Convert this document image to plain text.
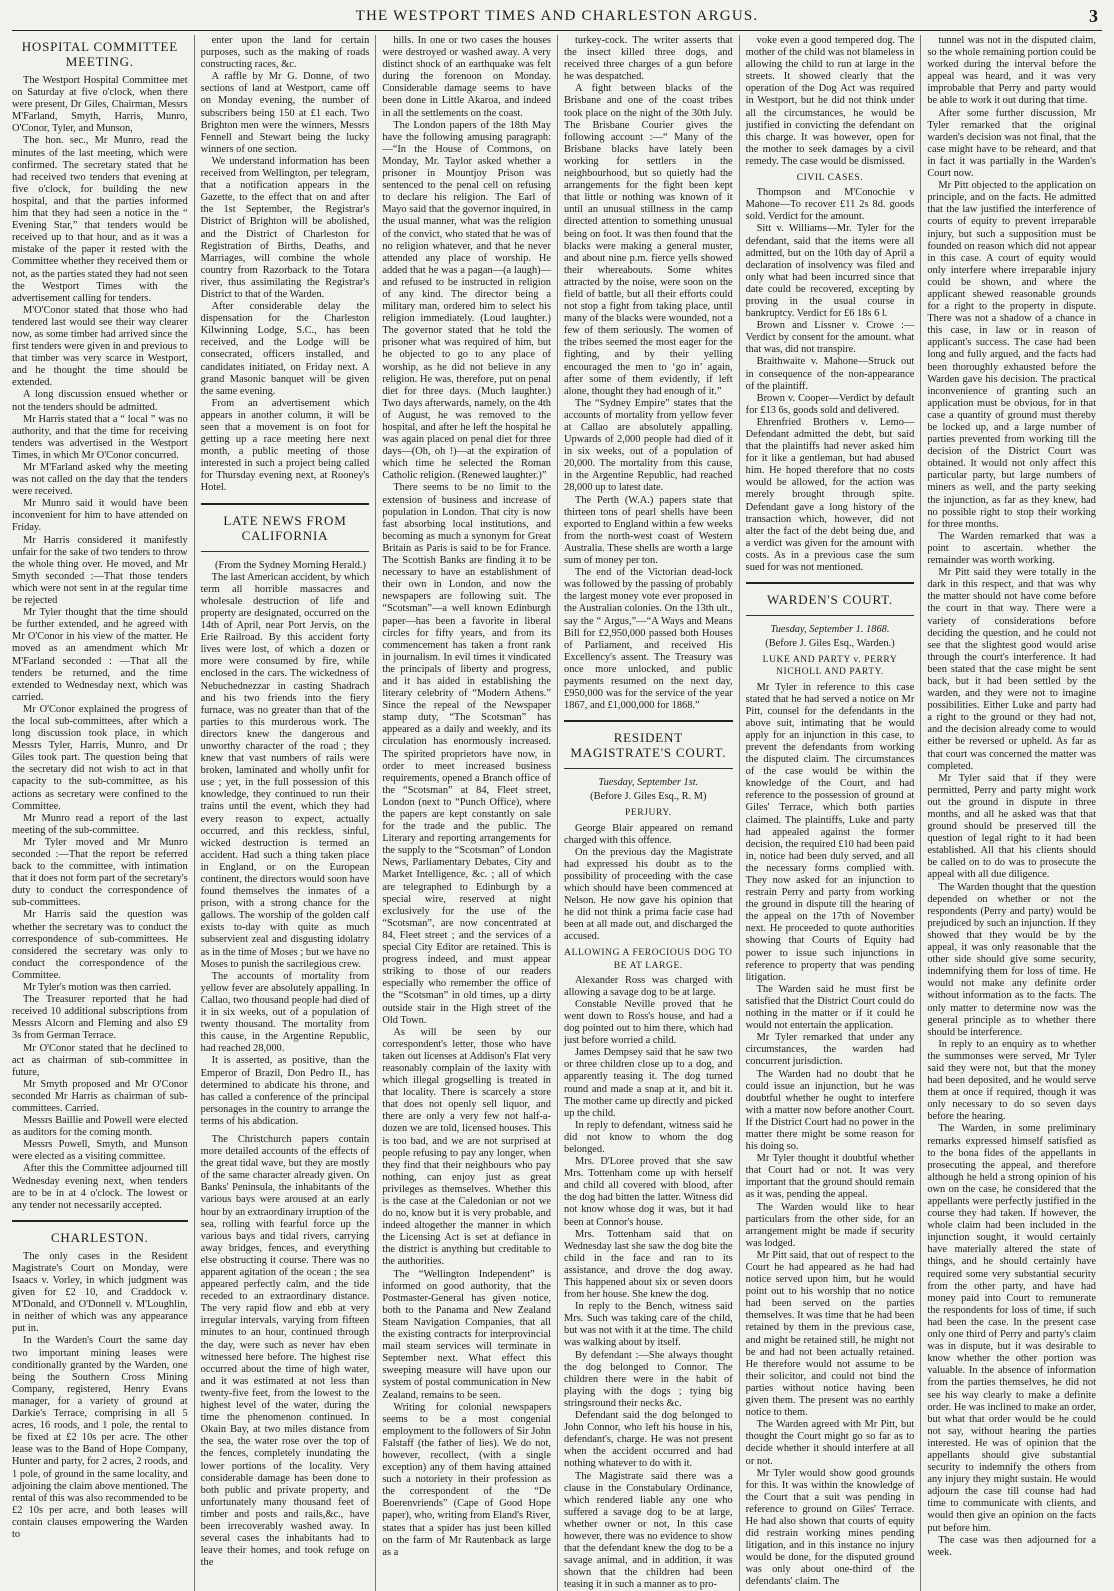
THE WESTPORT TIMES AND CHARLESTON ARGUS.	3
HOSPITAL COMMITTEE MEETING.

The Westport Hospital Committee met on Saturday at five o'clock, when there were present, Dr Giles, Chairman, Messrs M'Farland, Smyth, Harris, Munro, O'Conor, Tyler, and Munson,

The hon. sec., Mr Munro, read the minutes of the last meeting, which were confirmed. The secretary stated that he had received two tenders that evening at five o'clock, for building the new hospital, and that the parties informed him that they had seen a notice in the “ Evening Star,” that tenders would be received up to that hour, and as it was a mistake of the paper it rested with the Committee whether they received them or not, as the parties stated they had not seen the Westport Times with the advertisement calling for tenders.

M'O'Conor stated that those who had tendered last would see their way clearer now, as some timber had arrived since the first tenders were given in and previous to that timber was very scarce in Westport, and he thought the time should be extended.

A long discussion ensued whether or not the tenders should be admitted.

Mr Harris stated that a “ local ” was no authority, and that the time for receiving tenders was advertised in the Westport Times, in which Mr O'Conor concurred.

Mr M'Farland asked why the meeting was not called on the day that the tenders were received.

Mr Munro said it would have been inconvenient for him to have attended on Friday.

Mr Harris considered it manifestly unfair for the sake of two tenders to throw the whole thing over. He moved, and Mr Smyth seconded :—That those tenders which were not sent in at the regular time be rejected

Mr Tyler thought that the time should be further extended, and he agreed with Mr O'Conor in his view of the matter. He moved as an amendment which Mr M'Farland seconded : —That all the tenders be returned, and the time extended to Wednesday next, which was carried.

Mr O'Conor explained the progress of the local sub-committees, after which a long discussion took place, in which Messrs Tyler, Harris, Munro, and Dr Giles took part. The question being that the secretary did not wish to act in that capacity to the sub-committee, as his actions as secretary were confined to the Committee.

Mr Munro read a report of the last meeting of the sub-committee.

Mr Tyler moved and Mr Munro seconded :—That the report be referred back to the committee, with intimation that it does not form part of the secretary's duty to conduct the correspondence of sub-committees.

Mr Harris said the question was whether the secretary was to conduct the correspondence of sub-committees. He considered the secretary was only to conduct the correspondence of the Committee.

Mr Tyler's motion was then carried.

The Treasurer reported that he had received 10 additional subscriptions from Messrs Alcorn and Fleming and also £9 3s from German Terrace.

Mr O'Conor stated that he declined to act as chairman of sub-committee in future,

Mr Smyth proposed and Mr O'Conor seconded Mr Harris as chairman of sub-committees. Carried.

Messrs Baillie and Powell were elected as auditors for the coming month.

Messrs Powell, Smyth, and Munson were elected as a visiting committee.

After this the Committee adjourned till Wednesday evening next, when tenders are to be in at 4 o'clock. The lowest or any tender not necessarily accepted.

CHARLESTON.

The only cases in the Resident Magistrate's Court on Monday, were Isaacs v. Vorley, in which judgment was given for £2 10, and Craddock v. M'Donald, and O'Donnell v. M'Loughlin, in neither of which was any appearance put in.

In the Warden's Court the same day two important mining leases were conditionally granted by the Warden, one being the Southern Cross Mining Company, registered, Henry Evans manager, for a variety of ground at Darkie's Terrace, comprising in all 5 acres, 16 roods, and 1 pole, the rental to be fixed at £2 10s per acre. The other lease was to the Band of Hope Company, Hunter and party, for 2 acres, 2 roods, and 1 pole, of ground in the same locality, and adjoining the claim above mentioned. The rental of this was also recommended to be £2 10s per acre, and both leases will contain clauses empowering the Warden to

enter upon the land for certain purposes, such as the making of roads constructing races, &c.

A raffle by Mr G. Donne, of two sections of land at Westport, came off on Monday evening, the number of subscribers being 150 at £1 each. Two Brighton men were the winners, Messrs Fennell and Stewart being the lucky winners of one section.

We understand information has been received from Wellington, per telegram, that a notification appears in the Gazette, to the effect that on and after the 1st September, the Registrar's District of Brighton will be abolished, and the District of Charleston for Registration of Births, Deaths, and Marriages, will combine the whole country from Razorback to the Totara river, thus assimilating the Registrar's District to that of the Warden.

After considerable delay the dispensation for the Charleston Kilwinning Lodge, S.C., has been received, and the Lodge will be consecrated, officers installed, and candidates initiated, on Friday next. A grand Masonic banquet will be given the same evening.

From an advertisement which appears in another column, it will be seen that a movement is on foot for getting up a race meeting here next month, a public meeting of those interested in such a project being called for Thursday evening next, at Rooney's Hotel.

LATE NEWS FROM CALIFORNIA

(From the Sydney Morning Herald.)

The last American accident, by which term all horrible massacres and wholesale destruction of life and property are designated, occurred on the 14th of April, near Port Jervis, on the Erie Railroad. By this accident forty lives were lost, of which a dozen or more were consumed by fire, while enclosed in the cars. The wickedness of Nebuchednezzar in casting Shadrach and his two friends into the fiery furnace, was no greater than that of the parties to this murderous work. The directors knew the dangerous and unworthy character of the road ; they knew that vast numbers of rails were broken, laminated and wholly unfit for use ; yet, in the full possession of this knowledge, they continued to run their trains until the event, which they had every reason to expect, actually occurred, and this reckless, sinful, wicked destruction is termed an accident. Had such a thing taken place in England, or on the European continent, the directors would soon have found themselves the inmates of a prison, with a strong chance for the gallows. The worship of the golden calf exists to-day with quite as much subservient zeal and disgusting idolatry as in the time of Moses ; but we have no Moses to punish the sacrilegious crew.

The accounts of mortality from yellow fever are absolutely appalling. In Callao, two thousand people had died of it in six weeks, out of a population of twenty thousand. The mortality from this cause, in the Argentine Republic, had reached 28,000.

It is asserted, as positive, than the Emperor of Brazil, Don Pedro II., has determined to abdicate his throne, and has called a conference of the principal personages in the country to arrange the terms of his abdication.

The Christchurch papers contain more detailed accounts of the effects of the great tidal wave, but they are mostly of the same character already given. On Banks' Peninsula, the inhabitants of the various bays were aroused at an early hour by an extraordinary irruption of the sea, rolling with fearful force up the various bays and tidal rivers, carrying away bridges, fences, and everything else obstructing it course. There was no apparent agitation of the ocean ; the sea appeared perfectly calm, and the tide receded to an extraordinary distance. The very rapid flow and ebb at very irregular intervals, varying from fifteen minutes to an hour, continued through the day, were such as never hav eben witnessed here before. The highest rise occurred about the time of high water, and it was estimated at not less than twenty-five feet, from the lowest to the highest level of the water, during the time the phenomenon continued. In Okain Bay, at two miles distance from the sea, the water rose over the top of the fences, completely inundating the lower portions of the locality. Very considerable damage has been done to both public and private property, and unfortunately many thousand feet of timber and posts and rails,&c., have been irrecoverably washed away. In several cases the inhabitants had to leave their homes, and took refuge on the

hills. In one or two cases the houses were destroyed or washed away. A very distinct shock of an earthquake was felt during the forenoon on Monday. Considerable damage seems to have been done in Little Akaroa, and indeed in all the settlements on the coast.

The London papers of the 18th May have the following amusing paragraph: —“In the House of Commons, on Monday, Mr. Taylor asked whether a prisoner in Mountjoy Prison was sentenced to the penal cell on refusing to declare his religion. The Earl of Mayo said that the governor inquired, in the usual manner, what was the religion of the convict, who stated that he was of no religion whatever, and that he never attended any place of worship. He added that he was a pagan—(a laugh)—and refused to be instructed in religion of any kind. The director being a military man, ordered him to select his religion immediately. (Loud laughter.) The governor stated that he told the prisoner what was required of him, but he objected to go to any place of worship, as he did not believe in any religion. He was, therefore, put on penal diet for three days. (Much laughter.) Two days afterwards, namely, on the 4th of August, he was removed to the hospital, and after he left the hospital he was again placed on penal diet for three days—(Oh, oh !)—at the expiration of which time he selected the Roman Catholic religion. (Renewed laughter.)”

There seems to be no limit to the extension of business and increase of population in London. That city is now fast absorbing local institutions, and becoming as much a synonym for Great Britain as Paris is said to be for France. The Scottish Banks are finding it to be necessary to have an establishment of their own in London, and now the newspapers are following suit. The “Scotsman”—a well known Edinburgh paper—has been a favorite in liberal circles for fifty years, and from its commencement has taken a front rank in journalism. In evil times it vindicated the principals of liberty and progress, and it has aided in establishing the literary celebrity of “Modern Athens.” Since the repeal of the Newspaper stamp duty, “The Scotsman” has appeared as a daily and weekly, and its circulation has enormously increased. The spirited proprietors have now, in order to meet increased business requirements, opened a Branch office of the “Scotsman” at 84, Fleet street, London (next to “Punch Office), where the papers are kept constantly on sale for the trade and the public. The Literary and reporting arrangements for the supply to the “Scotsman” of London News, Parliamentary Debates, City and Market Intelligence, &c. ; all of which are telegraphed to Edinburgh by a special wire, reserved at night exclusively for the use of the “Scotsman”, are now concentrated at 84, Fleet street ; and the services of a special City Editor are retained. This is progress indeed, and must appear striking to those of our readers especially who remember the office of the “Scotsman” in old times, up a dirty outside stair in the High street of the Old Town.

As will be seen by our correspondent's letter, those who have taken out licenses at Addison's Flat very reasonably complain of the laxity with which illegal grogselling is treated in that locality. There is scarcely a store that does not openly sell liquor, and there are only a very few not half-a-dozen we are told, licensed houses. This is too bad, and we are not surprised at people refusing to pay any longer, when they find that their neighbours who pay nothing, can enjoy just as great privileges as themselves. Whether this is the case at the Caledonian or not we do no, know but it is very probable, and indeed altogether the manner in which the Licensing Act is set at defiance in the district is anything but creditable to the authorities.

The “Wellington Independent” is informed on good authority, that the Postmaster-General has given notice, both to the Panama and New Zealand Steam Navigation Companies, that all the existing contracts for interprovincial mail steam services will terminate in September next. What effect this sweeping measure will have upon our system of postal communication in New Zealand, remains to be seen.

Writing for colonial newspapers seems to be a most congenial employment to the followers of Sir John Falstaff (the father of lies). We do not, however, recollect, (with a single exception) any of them having attained such a notoriety in their profession as the correspondent of the “De Boerenvriends” (Cape of Good Hope paper), who, writing from Eland's River, states that a spider has just been killed on the farm of Mr Rautenback as large as a

turkey-cock. The writer asserts that the insect killed three dogs, and received three charges of a gun before he was despatched.

A fight between blacks of the Brisbane and one of the coast tribes took place on the night of the 30th July. The Brisbane Courier gives the following account :—“ Many of the Brisbane blacks have lately been working for settlers in the neighbourhood, but so quietly had the arrangements for the fight been kept that little or nothing was known of it until an unusual stillness in the camp directed attention to something unusual being on foot. It was then found that the blacks were making a general muster, and about nine p.m. fierce yells showed their whereabouts. Some whites attracted by the noise, were soon on the field of battle, but all their efforts could not stop a fight from taking place, until many of the blacks were wounded, not a few of them seriously. The women of the tribes seemed the most eager for the fighting, and by their yelling encouraged the men to ‘go in’ again, after some of them evidently, if left alone, thought they had enough of it.”

The “Sydney Empire” states that the accounts of mortality from yellow fever at Callao are absolutely appalling. Upwards of 2,000 people had died of it in six weeks, out of a population of 20,000. The mortality from this cause, in the Argentine Republic, had reached 28,000 up to latest date.

The Perth (W.A.) papers state that thirteen tons of pearl shells have been exported to England within a few weeks from the north-west coast of Western Australia. These shells are worth a large sum of money per ton.

The end of the Victorian dead-lock was followed by the passing of probably the largest money vote ever proposed in the Australian colonies. On the 13th ult., say the “ Argus,”—“A Ways and Means Bill for £2,950,000 passed both Houses of Parliament, and received His Excellency's assent. The Treasury was once more unlocked, and public payments resumed on the next day, £950,000 was for the service of the year 1867, and £1,000,000 for 1868.”

RESIDENT MAGISTRATE'S COURT.
Tuesday, September 1st.
(Before J. Giles Esq., R. M)
PERJURY.

George Blair appeared on remand charged with this offence.

On the previous day the Magistrate had expressed his doubt as to the possibility of proceeding with the case which should have been commenced at Nelson. He now gave his opinion that he did not think a prima facie case had been at all made out, and discharged the accused.

ALLOWING A FEROCIOUS DOG TO BE AT LARGE.

Alexander Ross was charged with allowing a savage dog to be at large.

Constable Neville proved that he went down to Ross's house, and had a dog pointed out to him there, which had just before worried a child.

James Dempsey said that he saw two or three children close up to a dog, and apparently teasing it. The dog turned round and made a snap at it, and bit it. The mother came up directly and picked up the child.

In reply to defendant, witness said he did not know to whom the dog belonged.

Mrs. D'Loree proved that she saw Mrs. Tottenham come up with herself and child all covered with blood, after the dog had bitten the latter. Witness did not know whose dog it was, but it had been at Connor's house.

Mrs. Tottenham said that on Wednesday last she saw the dog bite the child in the face and ran to its assistance, and drove the dog away. This happened about six or seven doors from her house. She knew the dog.

In reply to the Bench, witness said Mrs. Such was taking care of the child, but was not with it at the time. The child was walking about by itself.

By defendant :—She always thought the dog belonged to Connor. The children there were in the habit of playing with the dogs ; tying big stringsround their necks &c.

Defendant said the dog belonged to John Connor, who left his house in his, defendant's, charge. He was not present when the accident occurred and had nothing whatever to do with it.

The Magistrate said there was a clause in the Constabulary Ordinance, which rendered liable any one who suffered a savage dog to be at large, whether owner or not, In this case however, there was no evidence to show that the defendant knew the dog to be a savage animal, and in addition, it was shown that the children had been teasing it in such a manner as to pro-

voke even a good tempered dog. The mother of the child was not blameless in allowing the child to run at large in the streets. It showed clearly that the operation of the Dog Act was required in Westport, but he did not think under all the circumstances, he would be justified in convicting the defendant on this charge. It was however, open for the mother to seek damages by a civil remedy. The case would be dismissed.

CIVIL CASES.

Thompson and M'Conochie v Mahone—To recover £11 2s 8d. goods sold. Verdict for the amount.

Sitt v. Williams—Mr. Tyler for the defendant, said that the items were all admitted, but on the 10th day of April a declaration of insolvency was filed and only what had been incurred since that date could be recovered, excepting by proving in the usual course in bankruptcy. Verdict for £6 18s 6 l.

Brown and Lissner v. Crowe :—Verdict by consent for the amount. what that was, did not transpire.

Braithwaite v. Mahone—Struck out in consequence of the non-appearance of the plaintiff.

Brown v. Cooper—Verdict by default for £13 6s, goods sold and delivered.

Ehrenfried Brothers v. Lemo—Defendant admitted the debt, but said that the plaintiffs had never asked him for it like a gentleman, but had abused him. He hoped therefore that no costs would be allowed, for the action was merely brought through spite. Defendant gave a long history of the transaction which, however, did not alter the fact of the debt being due, and a verdict was given for the amount with costs. As in a previous case the sum sued for was not mentioned.

WARDEN'S COURT.
Tuesday, September 1. 1868.
(Before J. Giles Esq., Warden.)
LUKE AND PARTY v. PERRY NICHOLL AND PARTY.

Mr Tyler in reference to this case stated that he had served a notice on Mr Pitt, counsel for the defendants in the above suit, intimating that he would apply for an injunction in this case, to prevent the defendants from working the disputed claim. The circumstances of the case would be within the knowledge of the Court, and had reference to the possession of ground at Giles' Terrace, which both parties claimed. The plaintiffs, Luke and party had appealed against the former decision, the required £10 had been paid in, notice had been duly served, and all the necessary forms complied with. They now asked for an injunction to restrain Perry and party from working the ground in dispute till the hearing of the appeal on the 17th of November next. He proceeded to quote authorities showing that Courts of Equity had power to issue such injunctions in reference to property that was pending litigation.

The Warden said he must first be satisfied that the District Court could do nothing in the matter or if it could he would not entertain the application.

Mr Tyler remarked that under any circumstances, the warden had concurrent jurisdiction.

The Warden had no doubt that he could issue an injunction, but he was doubtful whether he ought to interfere with a matter now before another Court. If the District Court had no power in the matter there might be some reason for his doing so.

Mr Tyler thought it doubtful whether that Court had or not. It was very important that the ground should remain as it was, pending the appeal.

The Warden would like to hear particulars from the other side, for an arrangement might be made if security was lodged.

Mr Pitt said, that out of respect to the Court he had appeared as he had had notice served upon him, but he would point out to his worship that no notice had been served on the parties themselves. It was time that he had been retained by them in the previous case, and might be retained still, he might not be and had not been actually retained. He therefore would not assume to be their solicitor, and could not bind the parties without notice having been given them. The present was no earthly notice to them.

The Warden agreed with Mr Pitt, but thought the Court might go so far as to decide whether it should interfere at all or not.

Mr Tyler would show good grounds for this. It was within the knowledge of the Court that a suit was pending in reference to ground on Giles' Terrace. He had also shown that courts of equity did restrain working mines pending litigation, and in this instance no injury would be done, for the disputed ground was only about one-third of the defendants' claim. The

tunnel was not in the disputed claim, so the whole remaining portion could be worked during the interval before the appeal was heard, and it was very improbable that Perry and party would be able to work it out during that time.

After some further discussion, Mr Tyler remarked that the original warden's decision was not final, that the case might have to be reheard, and that in fact it was partially in the Warden's Court now.

Mr Pitt objected to the application on principle, and on the facts. He admitted that the law justified the interference of courts of equity to prevent irreparable injury, but such a supposition must be founded on reason which did not appear in this case. A court of equity would only interfere where irreparable injury could be shown, and where the applicant shewed reasonable grounds for a right to the property in dispute. There was not a shadow of a chance in this case, in law or in reason of applicant's success. The case had been long and fully argued, and the facts had been thoroughly exhausted before the Warden gave his decision. The practical inconvenience of granting such an application must be obvious, for in that case a quantity of ground must thereby be locked up, and a large number of parties prevented from working till the decision of the District Court was obtained. It would not only affect this particular party, but large numbers of miners as well, and the party seeking the injunction, as far as they knew, had no possible right to stop their working for three months.

The Warden remarked that was a point to ascertain. whether the remainder was worth working.

Mr Pitt said they were totally in the dark in this respect, and that was why the matter should not have come before the court in that way. There were a variety of considerations before deciding the question, and he could not see that the slightest good would arise through the court's interference. It had been stated that the case might be sent back, but it had been settled by the warden, and they were not to imagine possibilities. Either Luke and party had a right to the ground or they had not, and the decision already come to would either be reversed or upheld. As far as that court was concerned the matter was completed.

Mr Tyler said that if they were permitted, Perry and party might work out the ground in dispute in three months, and all he asked was that that ground should be preserved till the question of legal right to it had been established. All that his clients should be called on to do was to prosecute the appeal with all due diligence.

The Warden thought that the question depended on whether or not the respondents (Perry and party) would be prejudiced by such an injunction. If they showed that they would be by the appeal, it was only reasonable that the other side should give some security, indemnifying them for loss of time. He would not make any definite order without information as to the facts. The only matter to determine now was the general principle as to whether there should be interference.

In reply to an enquiry as to whether the summonses were served, Mr Tyler said they were not, but that the money had been deposited, and he would serve them at once if required, though it was only necessary to do so seven days before the hearing.

The Warden, in some preliminary remarks expressed himself satisfied as to the bona fides of the appellants in prosecuting the appeal, and therefore although he held a strong opinion of his own on the case, he considered that the appellants were perfectly justified in the course they had taken. If however, the whole claim had been included in the injunction sought, it would certainly have materially altered the state of things, and he should certainly have required some very substantial security from the other party, and have had money paid into Court to remunerate the respondents for loss of time, if such had been the case. In the present case only one third of Perry and party's claim was in dispute, but it was desirable to know whether the other portion was valuable. In the absence of information from the parties themselves, he did not see his way clearly to make a definite order. He was inclined to make an order, but what that order would be he could not say, without hearing the parties interested. He was of opinion that the appellants should give substantial security to indemnify the others from any injury they might sustain. He would adjourn the case till counse had had time to communicate with clients, and would then give an opinion on the facts put before him.

The case was then adjourned for a week.
